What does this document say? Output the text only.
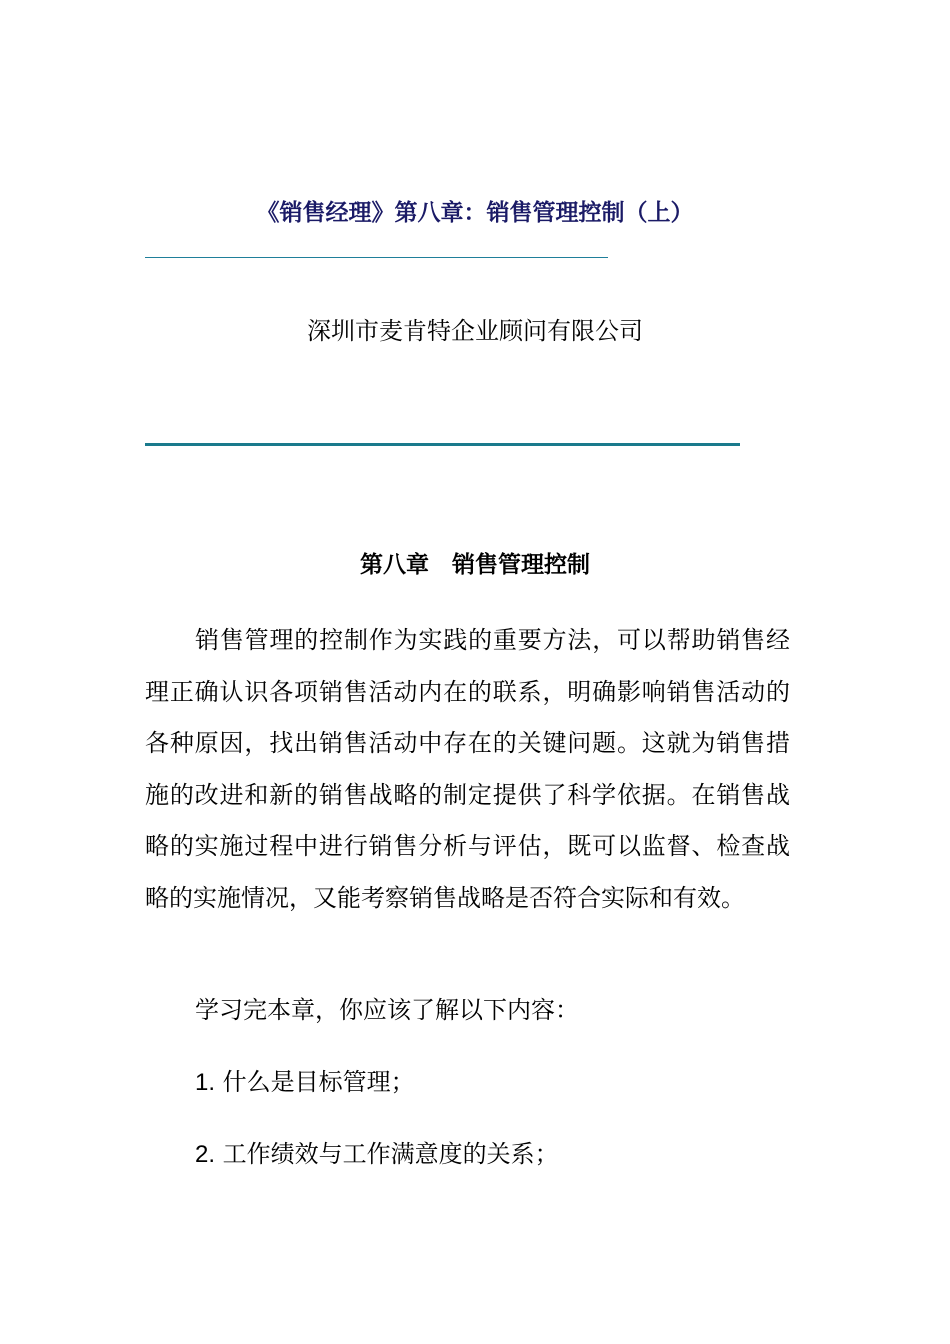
《销售经理》第八章：销售管理控制（上）

深圳市麦肯特企业顾问有限公司

第八章　销售管理控制

销售管理的控制作为实践的重要方法，可以帮助销售经理正确认识各项销售活动内在的联系，明确影响销售活动的各种原因，找出销售活动中存在的关键问题。这就为销售措施的改进和新的销售战略的制定提供了科学依据。在销售战略的实施过程中进行销售分析与评估，既可以监督、检查战略的实施情况，又能考察销售战略是否符合实际和有效。

学习完本章，你应该了解以下内容：

1. 什么是目标管理；

2. 工作绩效与工作满意度的关系；
